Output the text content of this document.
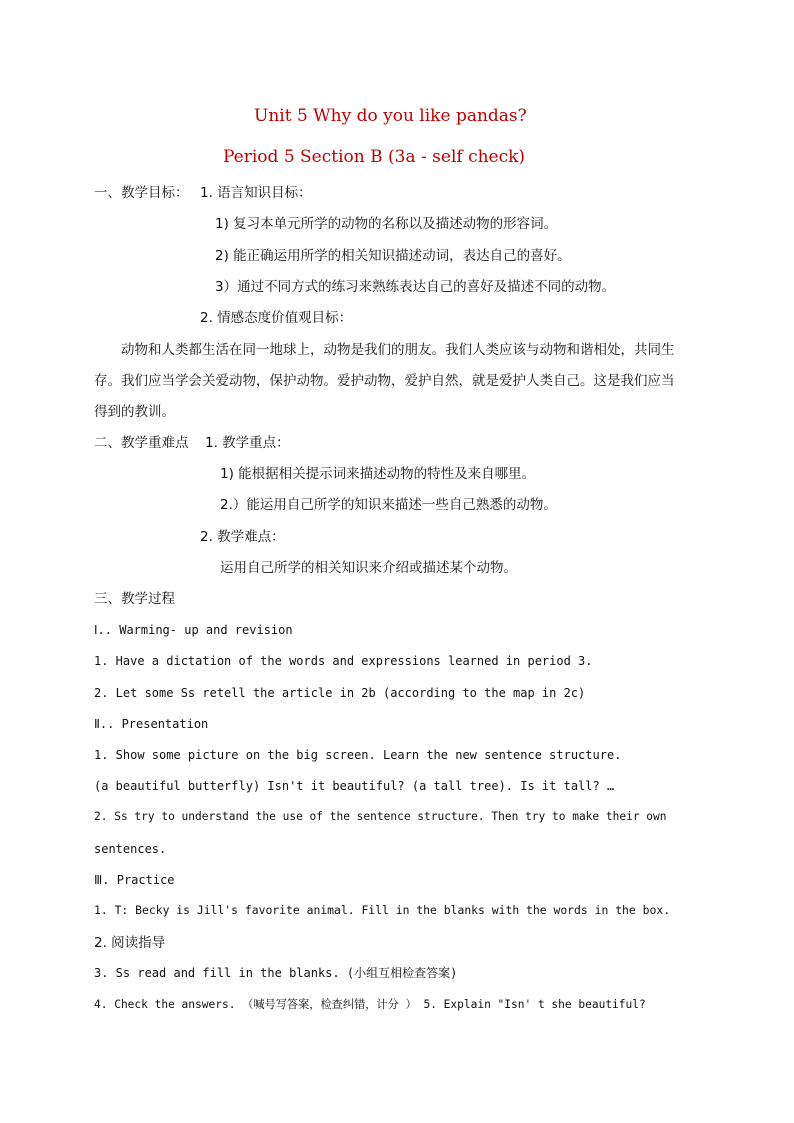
Unit 5 Why do you like pandas?
Period 5 Section B (3a - self check)
一、教学目标： 1. 语言知识目标：
1) 复习本单元所学的动物的名称以及描述动物的形容词。
2) 能正确运用所学的相关知识描述动词，表达自己的喜好。
3）通过不同方式的练习来熟练表达自己的喜好及描述不同的动物。
2. 情感态度价值观目标：
动物和人类都生活在同一地球上，动物是我们的朋友。我们人类应该与动物和谐相处，共同生
存。我们应当学会关爱动物，保护动物。爱护动物，爱护自然，就是爱护人类自己。这是我们应当
得到的教训。
二、教学重难点 1. 教学重点：
1) 能根据相关提示词来描述动物的特性及来自哪里。
2.）能运用自己所学的知识来描述一些自己熟悉的动物。
2. 教学难点：
运用自己所学的相关知识来介绍或描述某个动物。
三、教学过程
Ⅰ.. Warming- up and revision
1. Have a dictation of the words and expressions learned in period 3.
2. Let some Ss retell the article in 2b (according to the map in 2c)
Ⅱ.. Presentation
1. Show some picture on the big screen. Learn the new sentence structure.
(a beautiful butterfly) Isn't it beautiful? (a tall tree). Is it tall? …
2. Ss try to understand the use of the sentence structure. Then try to make their own
sentences.
Ⅲ. Practice
1. T: Becky is Jill's favorite animal. Fill in the blanks with the words in the box.
2. 阅读指导
3. Ss read and fill in the blanks. (小组互相检查答案)
4. Check the answers. （喊号写答案，检查纠错，计分 ） 5. Explain "Isn' t she beautiful?
